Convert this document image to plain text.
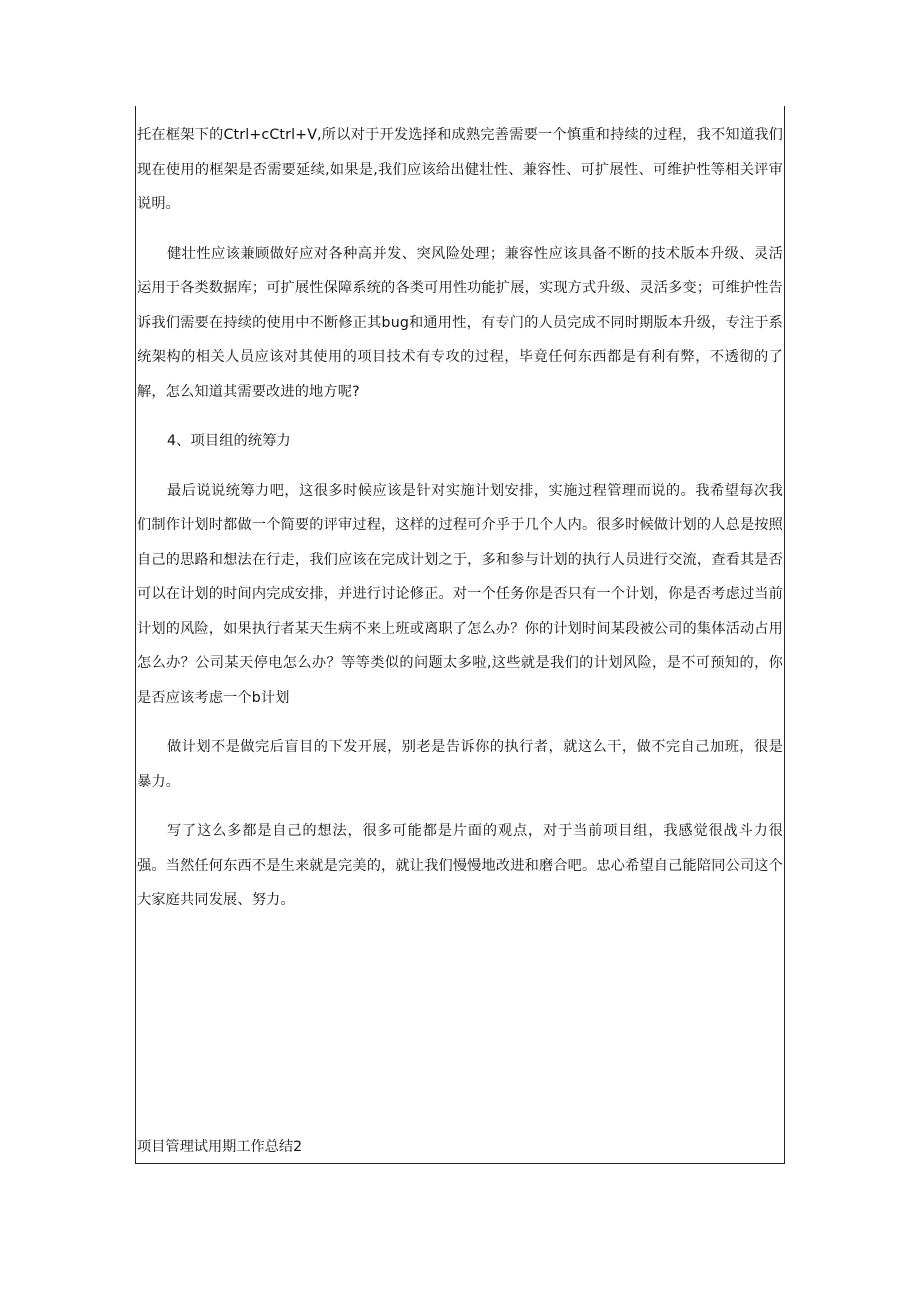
托在框架下的Ctrl+cCtrl+V,所以对于开发选择和成熟完善需要一个慎重和持续的过程，我不知道我们现在使用的框架是否需要延续,如果是,我们应该给出健壮性、兼容性、可扩展性、可维护性等相关评审说明。

健壮性应该兼顾做好应对各种高并发、突风险处理；兼容性应该具备不断的技术版本升级、灵活运用于各类数据库；可扩展性保障系统的各类可用性功能扩展，实现方式升级、灵活多变；可维护性告诉我们需要在持续的使用中不断修正其bug和通用性，有专门的人员完成不同时期版本升级，专注于系统架构的相关人员应该对其使用的项目技术有专攻的过程，毕竟任何东西都是有利有弊，不透彻的了解，怎么知道其需要改进的地方呢?

4、项目组的统筹力

最后说说统筹力吧，这很多时候应该是针对实施计划安排，实施过程管理而说的。我希望每次我们制作计划时都做一个简要的评审过程，这样的过程可介乎于几个人内。很多时候做计划的人总是按照自己的思路和想法在行走，我们应该在完成计划之于，多和参与计划的执行人员进行交流，查看其是否可以在计划的时间内完成安排，并进行讨论修正。对一个任务你是否只有一个计划，你是否考虑过当前计划的风险，如果执行者某天生病不来上班或离职了怎么办？你的计划时间某段被公司的集体活动占用怎么办？公司某天停电怎么办？等等类似的问题太多啦,这些就是我们的计划风险，是不可预知的，你是否应该考虑一个b计划

做计划不是做完后盲目的下发开展，别老是告诉你的执行者，就这么干，做不完自己加班，很是暴力。

写了这么多都是自己的想法，很多可能都是片面的观点，对于当前项目组，我感觉很战斗力很强。当然任何东西不是生来就是完美的，就让我们慢慢地改进和磨合吧。忠心希望自己能陪同公司这个大家庭共同发展、努力。

项目管理试用期工作总结2
